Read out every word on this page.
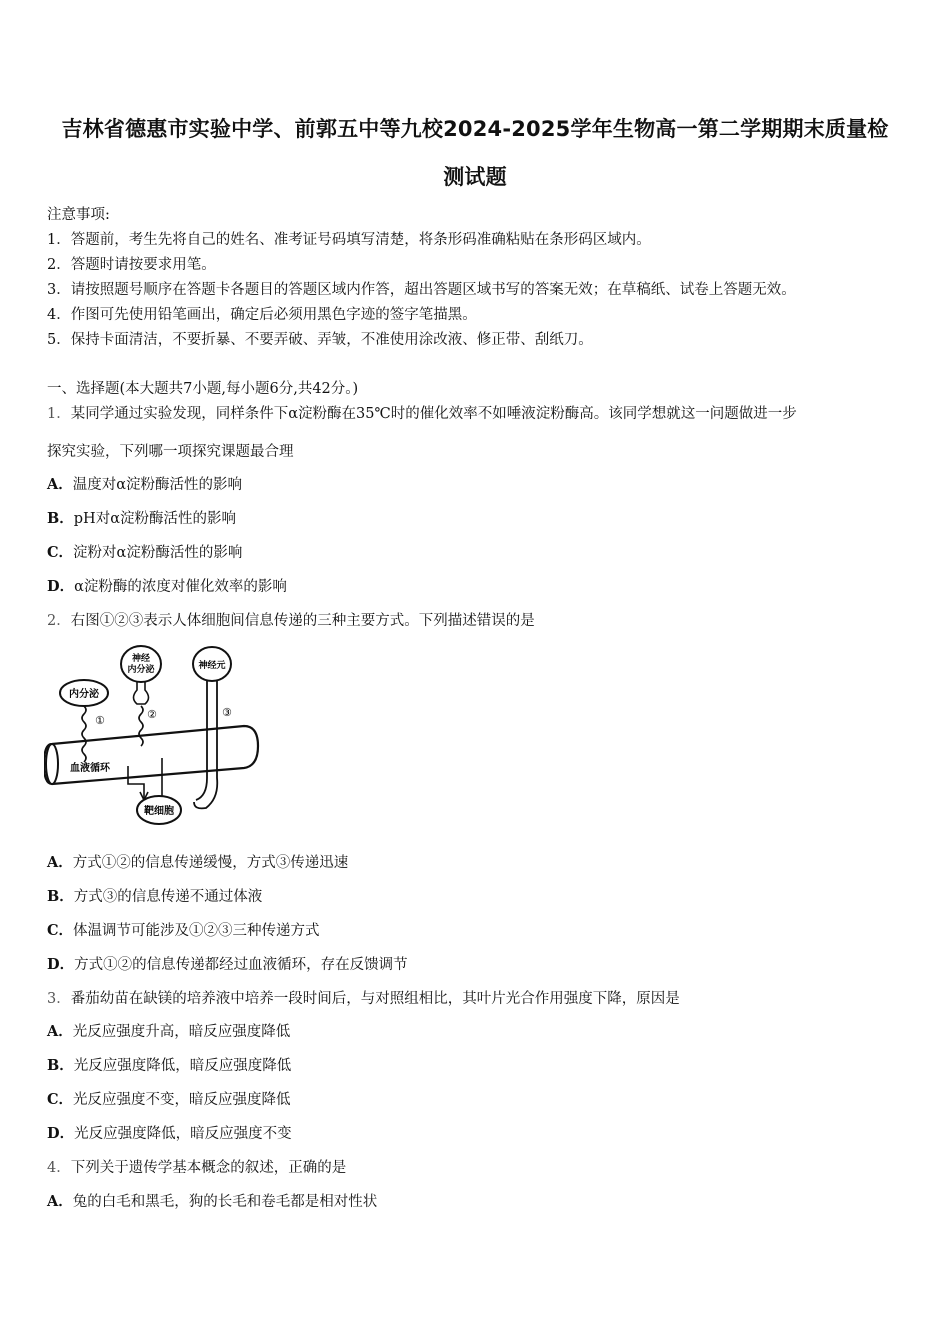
吉林省德惠市实验中学、前郭五中等九校2024-2025学年生物高一第二学期期末质量检
测试题
注意事项:
1．答题前，考生先将自己的姓名、准考证号码填写清楚，将条形码准确粘贴在条形码区域内。
2．答题时请按要求用笔。
3．请按照题号顺序在答题卡各题目的答题区域内作答，超出答题区域书写的答案无效；在草稿纸、试卷上答题无效。
4．作图可先使用铅笔画出，确定后必须用黑色字迹的签字笔描黑。
5．保持卡面清洁，不要折暴、不要弄破、弄皱，不准使用涂改液、修正带、刮纸刀。
一、选择题(本大题共7小题,每小题6分,共42分。)
1．某同学通过实验发现，同样条件下α淀粉酶在35℃时的催化效率不如唾液淀粉酶高。该同学想就这一问题做进一步
探究实验，下列哪一项探究课题最合理
A．温度对α淀粉酶活性的影响
B．pH对α淀粉酶活性的影响
C．淀粉对α淀粉酶活性的影响
D．α淀粉酶的浓度对催化效率的影响
2．右图①②③表示人体细胞间信息传递的三种主要方式。下列描述错误的是
内分泌
①
神经
内分泌
②
神经元
③
血液循环
靶细胞
A．方式①②的信息传递缓慢，方式③传递迅速
B．方式③的信息传递不通过体液
C．体温调节可能涉及①②③三种传递方式
D．方式①②的信息传递都经过血液循环，存在反馈调节
3．番茄幼苗在缺镁的培养液中培养一段时间后，与对照组相比，其叶片光合作用强度下降，原因是
A．光反应强度升高，暗反应强度降低
B．光反应强度降低，暗反应强度降低
C．光反应强度不变，暗反应强度降低
D．光反应强度降低，暗反应强度不变
4．下列关于遗传学基本概念的叙述，正确的是
A．兔的白毛和黑毛，狗的长毛和卷毛都是相对性状
